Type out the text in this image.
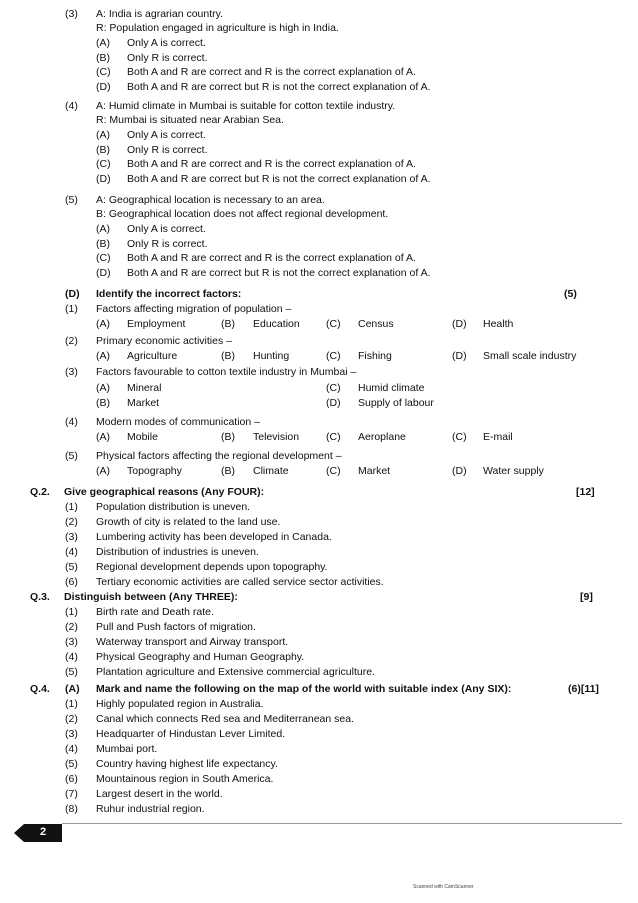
(3) A: India is agrarian country.
R: Population engaged in agriculture is high in India.
(A) Only A is correct.
(B) Only R is correct.
(C) Both A and R are correct and R is the correct explanation of A.
(D) Both A and R are correct but R is not the correct explanation of A.
(4) A: Humid climate in Mumbai is suitable for cotton textile industry.
R: Mumbai is situated near Arabian Sea.
(A) Only A is correct.
(B) Only R is correct.
(C) Both A and R are correct and R is the correct explanation of A.
(D) Both A and R are correct but R is not the correct explanation of A.
(5) A: Geographical location is necessary to an area.
B: Geographical location does not affect regional development.
(A) Only A is correct.
(B) Only R is correct.
(C) Both A and R are correct and R is the correct explanation of A.
(D) Both A and R are correct but R is not the correct explanation of A.
(D) Identify the incorrect factors:	(5)
(1) Factors affecting migration of population –
(A) Employment	(B) Education	(C) Census	(D) Health
(2) Primary economic activities –
(A) Agriculture	(B) Hunting	(C) Fishing	(D) Small scale industry
(3) Factors favourable to cotton textile industry in Mumbai –
(A) Mineral	(C) Humid climate
(B) Market	(D) Supply of labour
(4) Modern modes of communication –
(A) Mobile	(B) Television	(C) Aeroplane	(C) E-mail
(5) Physical factors affecting the regional development –
(A) Topography	(B) Climate	(C) Market	(D) Water supply
Q.2. Give geographical reasons (Any FOUR):	[12]
(1) Population distribution is uneven.
(2) Growth of city is related to the land use.
(3) Lumbering activity has been developed in Canada.
(4) Distribution of industries is uneven.
(5) Regional development depends upon topography.
(6) Tertiary economic activities are called service sector activities.
Q.3. Distinguish between (Any THREE):	[9]
(1) Birth rate and Death rate.
(2) Pull and Push factors of migration.
(3) Waterway transport and Airway transport.
(4) Physical Geography and Human Geography.
(5) Plantation agriculture and Extensive commercial agriculture.
Q.4. (A) Mark and name the following on the map of the world with suitable index (Any SIX):	(6)[11]
(1) Highly populated region in Australia.
(2) Canal which connects Red sea and Mediterranean sea.
(3) Headquarter of Hindustan Lever Limited.
(4) Mumbai port.
(5) Country having highest life expectancy.
(6) Mountainous region in South America.
(7) Largest desert in the world.
(8) Ruhur industrial region.
2
Scanned with CamScanner
